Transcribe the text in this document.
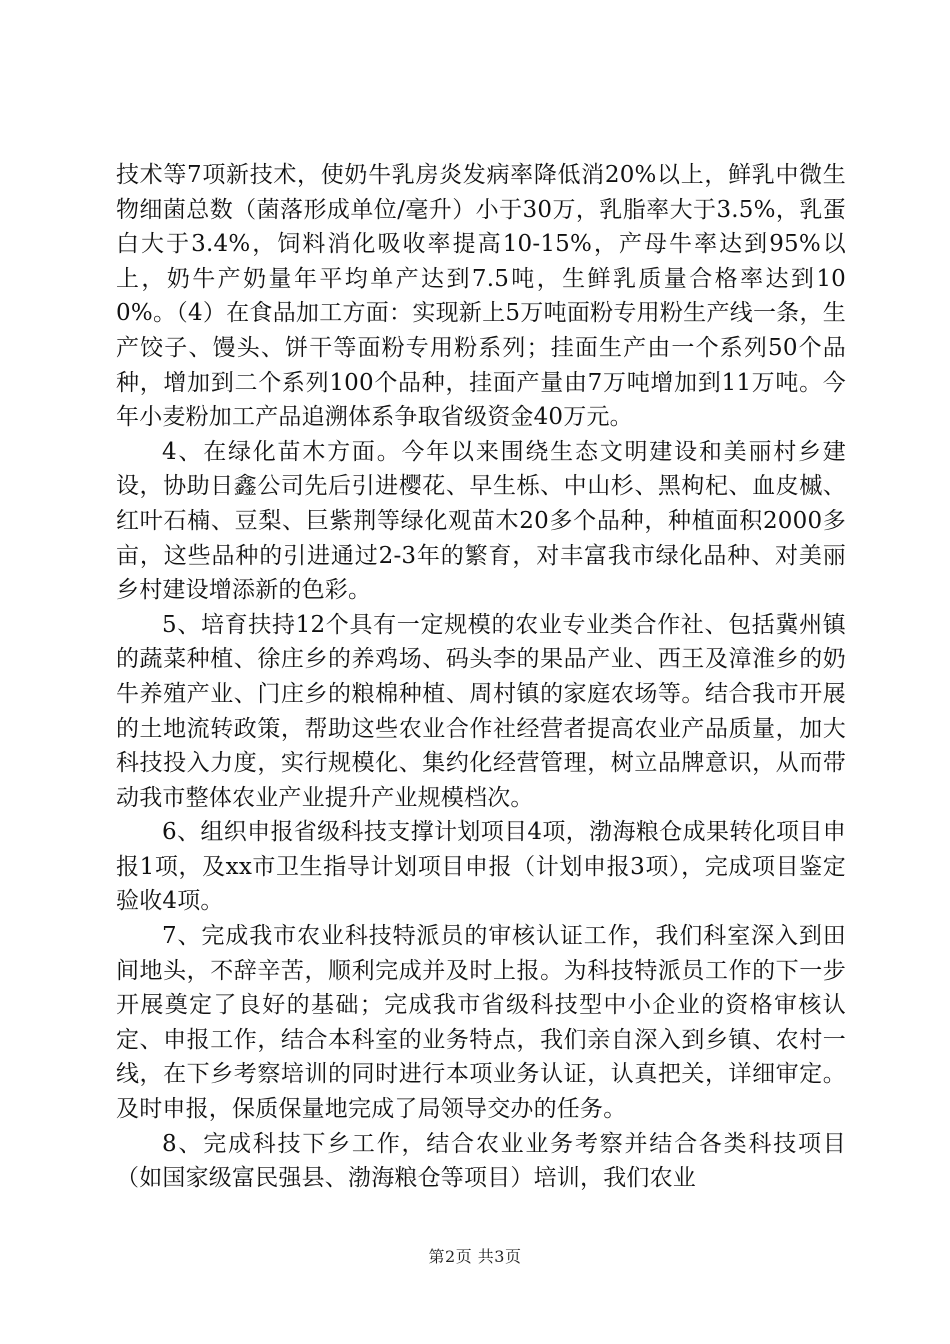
技术等7项新技术，使奶牛乳房炎发病率降低消20%以上，鲜乳中微生物细菌总数（菌落形成单位/毫升）小于30万，乳脂率大于3.5%，乳蛋白大于3.4%，饲料消化吸收率提高10-15%，产母牛率达到95%以上，奶牛产奶量年平均单产达到7.5吨，生鲜乳质量合格率达到100%。（4）在食品加工方面：实现新上5万吨面粉专用粉生产线一条，生产饺子、馒头、饼干等面粉专用粉系列；挂面生产由一个系列50个品种，增加到二个系列100个品种，挂面产量由7万吨增加到11万吨。今年小麦粉加工产品追溯体系争取省级资金40万元。

4、在绿化苗木方面。今年以来围绕生态文明建设和美丽村乡建设，协助日鑫公司先后引进樱花、早生栎、中山杉、黑枸杞、血皮槭、红叶石楠、豆梨、巨紫荆等绿化观苗木20多个品种，种植面积2000多亩，这些品种的引进通过2-3年的繁育，对丰富我市绿化品种、对美丽乡村建设增添新的色彩。

5、培育扶持12个具有一定规模的农业专业类合作社、包括冀州镇的蔬菜种植、徐庄乡的养鸡场、码头李的果品产业、西王及漳淮乡的奶牛养殖产业、门庄乡的粮棉种植、周村镇的家庭农场等。结合我市开展的土地流转政策，帮助这些农业合作社经营者提高农业产品质量，加大科技投入力度，实行规模化、集约化经营管理，树立品牌意识，从而带动我市整体农业产业提升产业规模档次。

6、组织申报省级科技支撑计划项目4项，渤海粮仓成果转化项目申报1项，及xx市卫生指导计划项目申报（计划申报3项），完成项目鉴定验收4项。

7、完成我市农业科技特派员的审核认证工作，我们科室深入到田间地头，不辞辛苦，顺利完成并及时上报。为科技特派员工作的下一步开展奠定了良好的基础；完成我市省级科技型中小企业的资格审核认定、申报工作，结合本科室的业务特点，我们亲自深入到乡镇、农村一线，在下乡考察培训的同时进行本项业务认证，认真把关，详细审定。及时申报，保质保量地完成了局领导交办的任务。

8、完成科技下乡工作，结合农业业务考察并结合各类科技项目（如国家级富民强县、渤海粮仓等项目）培训，我们农业

第2页 共3页
